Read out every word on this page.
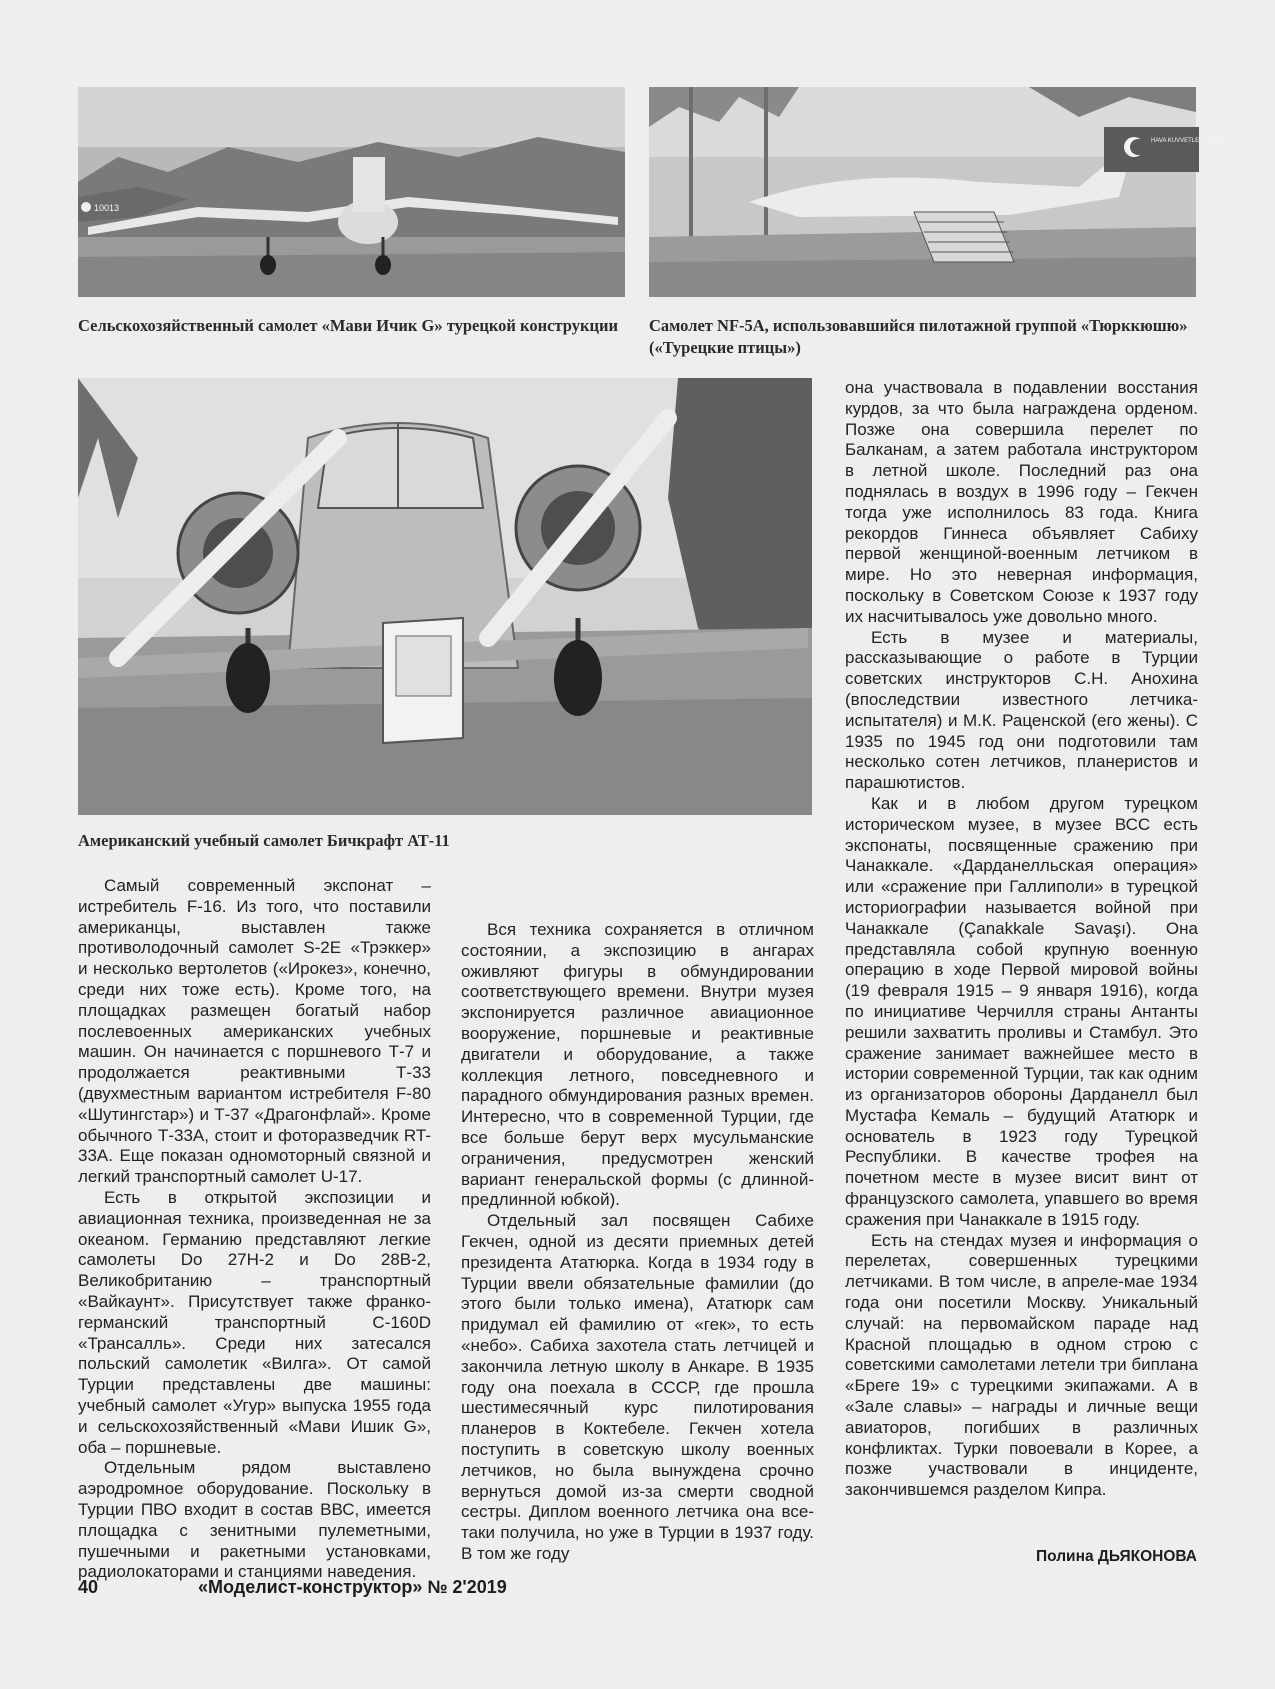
10013
HAVA KUVVETLERİ MÜZESİ
Сельскохозяйственный самолет «Мави Ичик G» турецкой конструкции	Самолет NF-5A, использовавшийся пилотажной группой «Тюрккюшю» («Турецкие птицы»)
Американский учебный самолет Бичкрафт АТ-11

она участвовала в подавлении восстания курдов, за что была награждена орденом. Позже она совершила перелет по Балканам, а затем работала инструктором в летной школе. Последний раз она поднялась в воздух в 1996 году – Гекчен тогда уже исполнилось 83 года. Книга рекордов Гиннеса объявляет Сабиху первой женщиной-военным летчиком в мире. Но это неверная информация, поскольку в Советском Союзе к 1937 году их насчитывалось уже довольно много.

Есть в музее и материалы, рассказывающие о работе в Турции советских инструкторов С.Н. Анохина (впоследствии известного летчика-испытателя) и М.К. Раценской (его жены). С 1935 по 1945 год они подготовили там несколько сотен летчиков, планеристов и парашютистов.

Как и в любом другом турецком историческом музее, в музее ВСС есть экспонаты, посвященные сражению при Чанаккале. «Дарданелльская операция» или «сражение при Галлиполи» в турецкой историографии называется войной при Чанаккале (Çanakkale Savaşı). Она представляла собой крупную военную операцию в ходе Первой мировой войны (19 февраля 1915 – 9 января 1916), когда по инициативе Черчилля страны Антанты решили захватить проливы и Стамбул. Это сражение занимает важнейшее место в истории современной Турции, так как одним из организаторов обороны Дарданелл был Мустафа Кемаль – будущий Ататюрк и основатель в 1923 году Турецкой Республики. В качестве трофея на почетном месте в музее висит винт от французского самолета, упавшего во время сражения при Чанаккале в 1915 году.

Есть на стендах музея и информация о перелетах, совершенных турецкими летчиками. В том числе, в апреле-мае 1934 года они посетили Москву. Уникальный случай: на первомайском параде над Красной площадью в одном строю с советскими самолетами летели три биплана «Бреге 19» с турецкими экипажами. А в «Зале славы» – награды и личные вещи авиаторов, погибших в различных конфликтах. Турки повоевали в Корее, а позже участвовали в инциденте, закончившемся разделом Кипра.

Самый современный экспонат – истребитель F-16. Из того, что поставили американцы, выставлен также противолодочный самолет S-2E «Трэккер» и несколько вертолетов («Ирокез», конечно, среди них тоже есть). Кроме того, на площадках размещен богатый набор послевоенных американских учебных машин. Он начинается с поршневого Т-7 и продолжается реактивными Т-33 (двухместным вариантом истребителя F-80 «Шутингстар») и Т-37 «Драгонфлай». Кроме обычного Т-33А, стоит и фоторазведчик RT-33A. Еще показан одномоторный связной и легкий транспортный самолет U-17.

Есть в открытой экспозиции и авиационная техника, произведенная не за океаном. Германию представляют легкие самолеты Do 27H-2 и Do 28B-2, Великобританию – транспортный «Вайкаунт». Присутствует также франко-германский транспортный C-160D «Трансалль». Среди них затесался польский самолетик «Вилга». От самой Турции представлены две машины: учебный самолет «Угур» выпуска 1955 года и сельскохозяйственный «Мави Ишик G», оба – поршневые.

Отдельным рядом выставлено аэродромное оборудование. Поскольку в Турции ПВО входит в состав ВВС, имеется площадка с зенитными пулеметными, пушечными и ракетными установками, радиолокаторами и станциями наведения.

Вся техника сохраняется в отличном состоянии, а экспозицию в ангарах оживляют фигуры в обмундировании соответствующего времени. Внутри музея экспонируется различное авиационное вооружение, поршневые и реактивные двигатели и оборудование, а также коллекция летного, повседневного и парадного обмундирования разных времен. Интересно, что в современной Турции, где все больше берут верх мусульманские ограничения, предусмотрен женский вариант генеральской формы (с длинной-предлинной юбкой).

Отдельный зал посвящен Сабихе Гекчен, одной из десяти приемных детей президента Ататюрка. Когда в 1934 году в Турции ввели обязательные фамилии (до этого были только имена), Ататюрк сам придумал ей фамилию от «гек», то есть «небо». Сабиха захотела стать летчицей и закончила летную школу в Анкаре. В 1935 году она поехала в СССР, где прошла шестимесячный курс пилотирования планеров в Коктебеле. Гекчен хотела поступить в советскую школу военных летчиков, но была вынуждена срочно вернуться домой из-за смерти сводной сестры. Диплом военного летчика она все-таки получила, но уже в Турции в 1937 году. В том же году	Полина ДЬЯКОНОВА
40	«Моделист-конструктор» № 2'2019
